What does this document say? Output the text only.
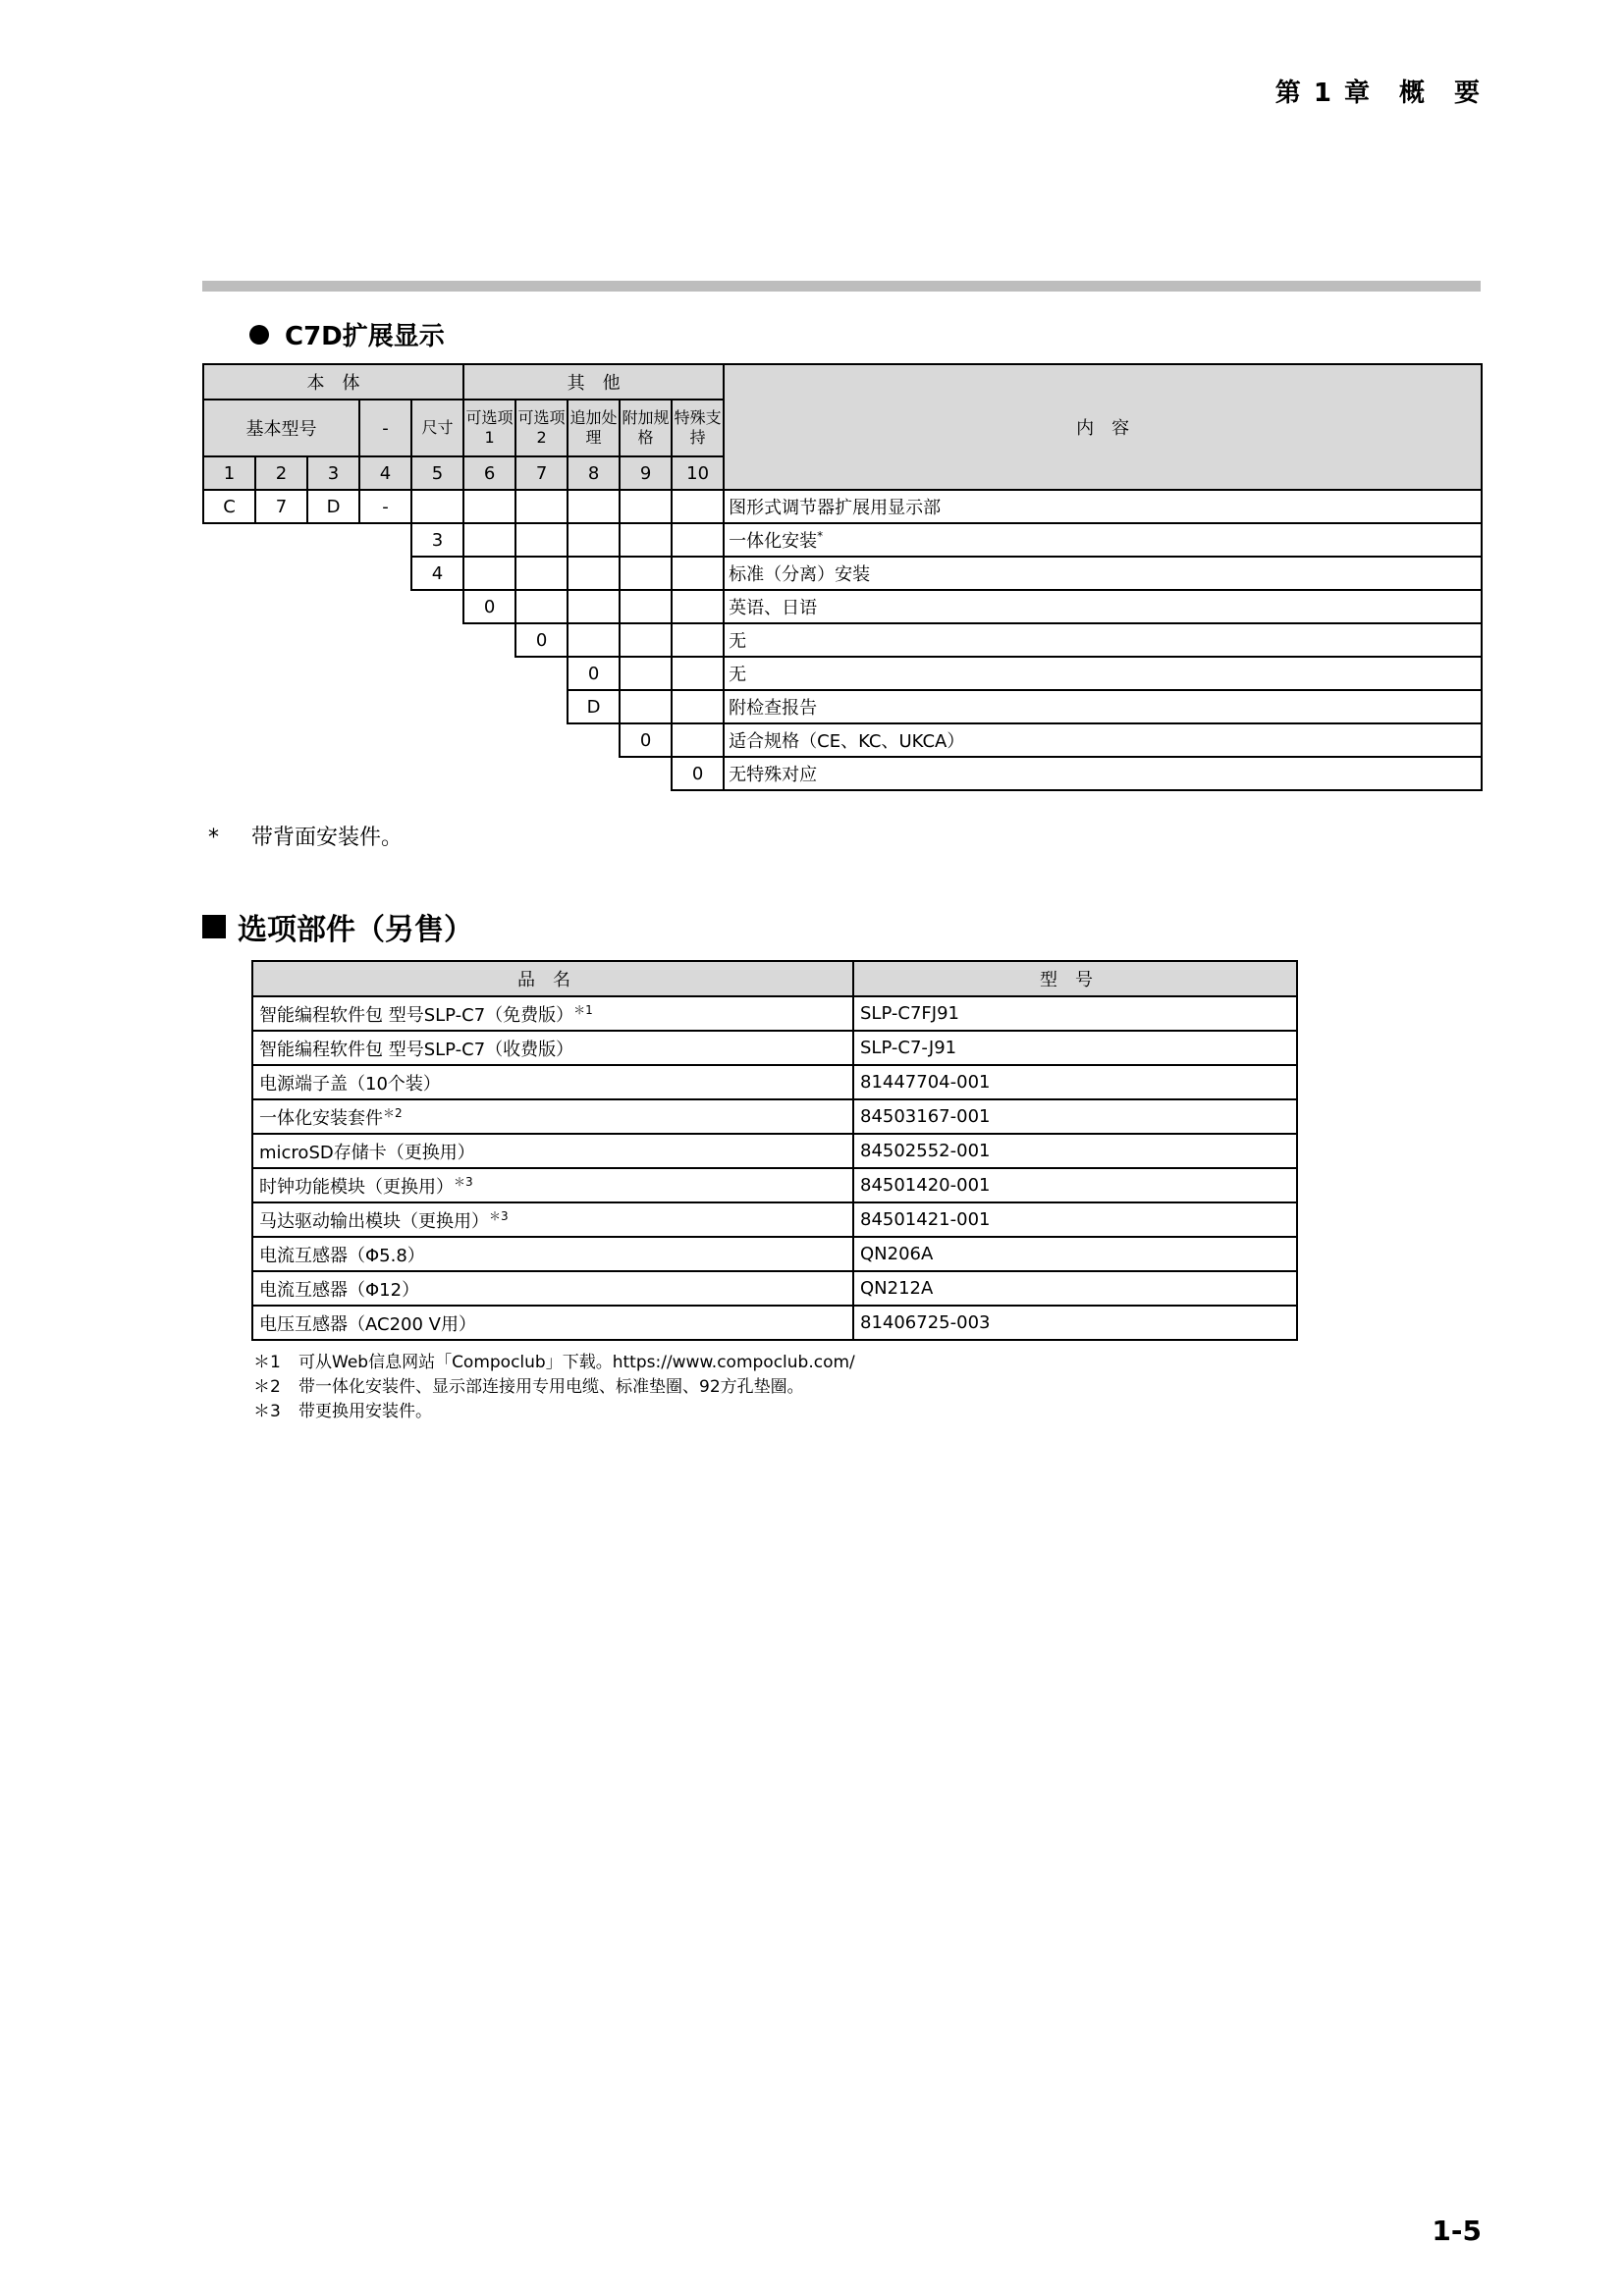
第 1 章　概　要
C7D扩展显示
本　体					其　他					内　容
基本型号			-	尺寸	可选项1	可选项2	追加处理	附加规格	特殊支持	
1	2	3	4	5	6	7	8	9	10	
C	7	D	-							图形式调节器扩展用显示部
				3						一体化安装*
				4						标准（分离）安装
					0					英语、日语
						0				无
							0			无
							D			附检查报告
								0		适合规格（CE、KC、UKCA）
									0	无特殊对应
* 带背面安装件。
选项部件（另售）
品名	型号
智能编程软件包 型号SLP-C7（免费版）$^{*1}$	SLP-C7FJ91
智能编程软件包 型号SLP-C7（收费版）	SLP-C7-J91
电源端子盖（10个装）	81447704-001
一体化安装套件$^{*2}$	84503167-001
microSD存储卡（更换用）	84502552-001
时钟功能模块（更换用）$^{*3}$	84501420-001
马达驱动输出模块（更换用）$^{*3}$	84501421-001
电流互感器（Φ5.8）	QN206A
电流互感器（Φ12）	QN212A
电压互感器（AC200 V用）	81406725-003
＊1 可从Web信息网站「Compoclub」下载。https://www.compoclub.com/
＊2 带一体化安装件、显示部连接用专用电缆、标准垫圈、92方孔垫圈。
＊3 带更换用安装件。
1-5
